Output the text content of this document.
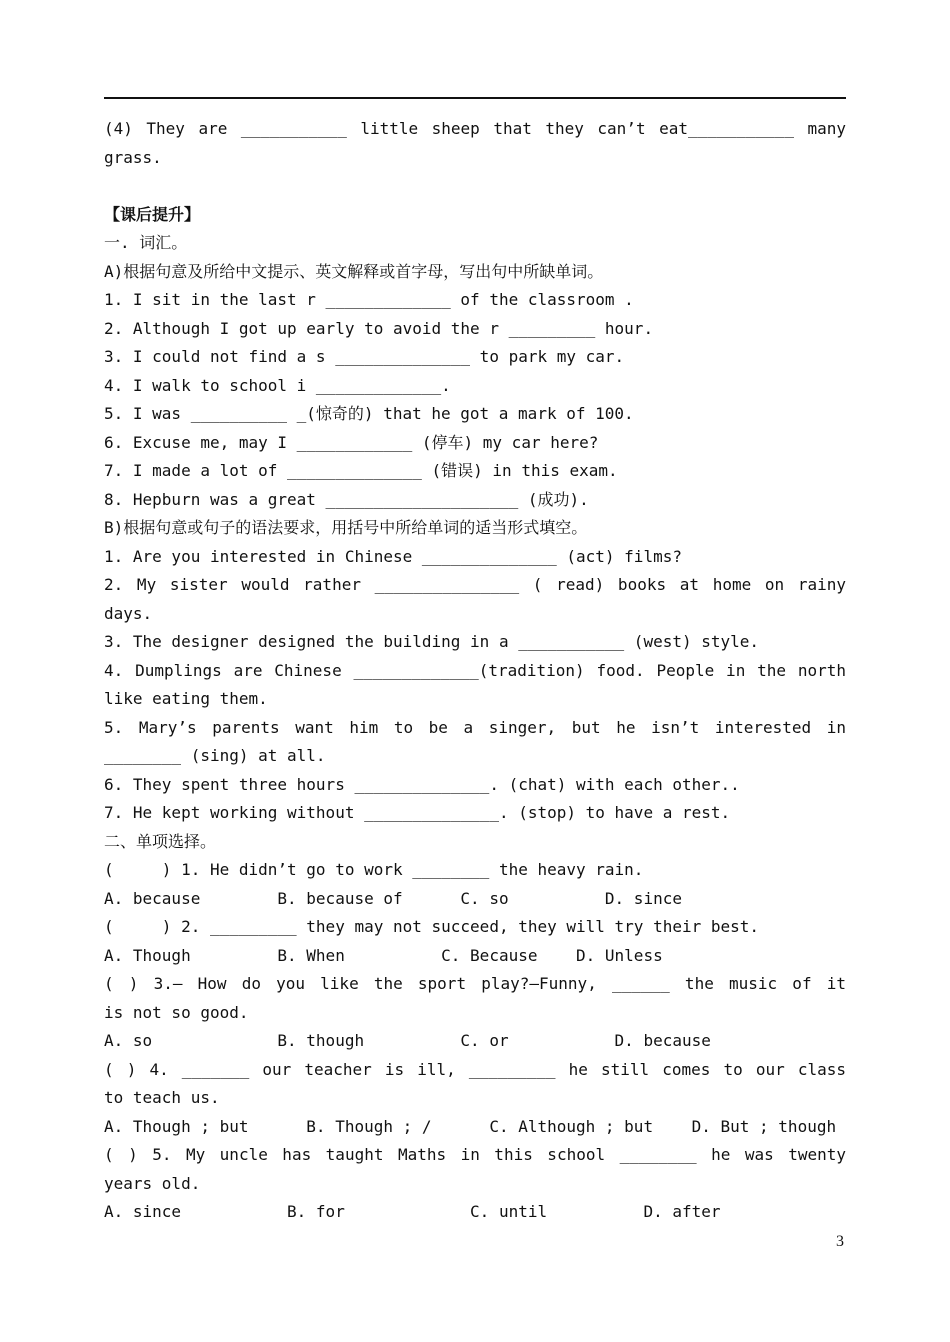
(4) They are ___________ little sheep that they can’t eat___________ many
grass.
【课后提升】
一. 词汇。
A)根据句意及所给中文提示、英文解释或首字母，写出句中所缺单词。
1. I sit in the last r _____________ of the classroom .
2. Although I got up early to avoid the r _________ hour.
3. I could not find a s ______________ to park my car.
4. I walk to school i _____________.
5. I was __________ _(惊奇的) that he got a mark of 100.
6. Excuse me, may I ____________ (停车) my car here?
7. I made a lot of ______________ (错误) in this exam.
8. Hepburn was a great ____________________ (成功).
B)根据句意或句子的语法要求，用括号中所给单词的适当形式填空。
1. Are you interested in Chinese ______________ (act) films?
2. My sister would rather _______________ ( read) books at home on rainy
days.
3. The designer designed the building in a ___________ (west) style.
4. Dumplings are Chinese _____________(tradition) food. People in the north
like eating them.
5. Mary’s parents want him to be a singer, but he isn’t interested in
________ (sing) at all.
6. They spent three hours ______________. (chat) with each other..
7. He kept working without ______________. (stop) to have a rest.
二、单项选择。
(     ) 1. He didn’t go to work ________ the heavy rain.
A. because        B. because of      C. so          D. since
(     ) 2. _________ they may not succeed, they will try their best.
A. Though         B. When          C. Because    D. Unless
( ) 3.— How do you like the sport play?—Funny, ______ the music of it
is not so good.
A. so             B. though          C. or           D. because
( ) 4. _______ our teacher is ill, _________ he still comes to our class
to teach us.
A. Though ; but      B. Though ; /      C. Although ; but    D. But ; though
( ) 5. My uncle has taught Maths in this school ________ he was twenty
years old.
A. since           B. for             C. until          D. after
3
